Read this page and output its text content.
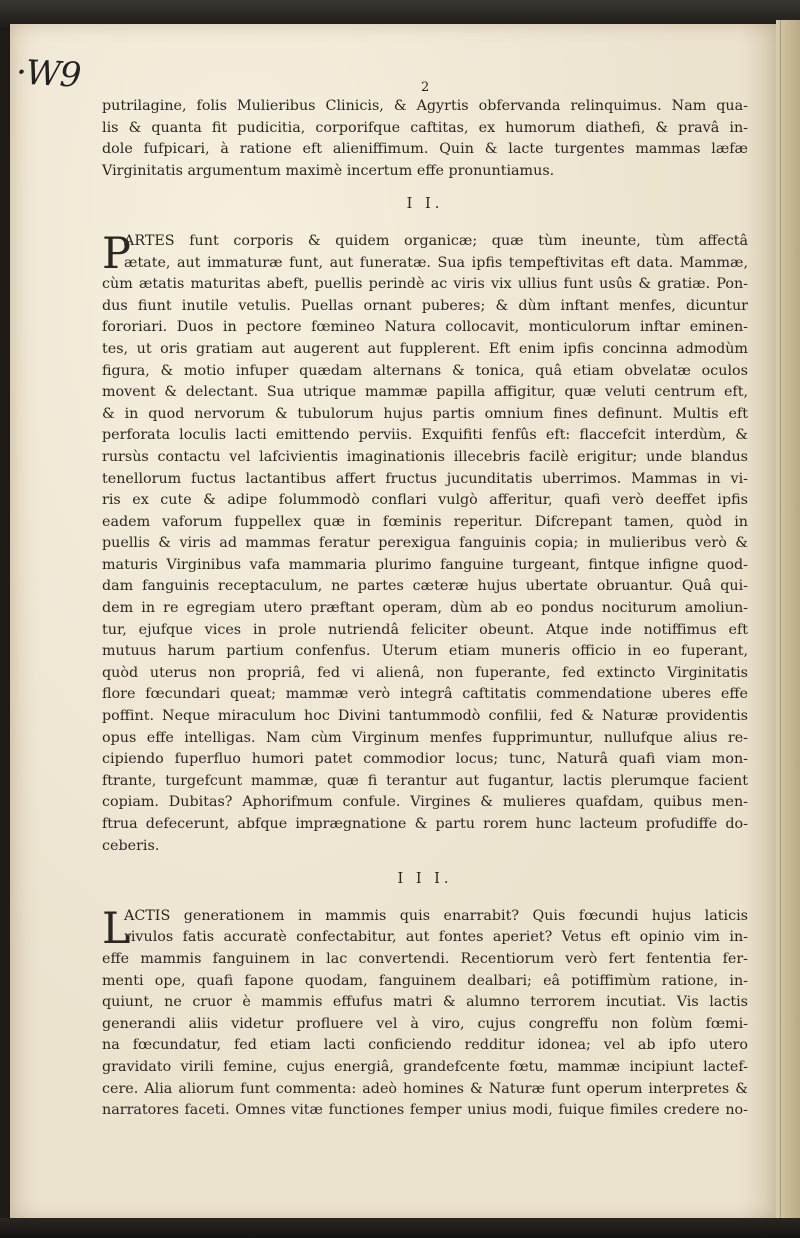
·W9	2
putrilagine, folis Mulieribus Clinicis, & Agyrtis obfervanda relinquimus. Nam qua-
lis & quanta fit pudicitia, corporifque caftitas, ex humorum diathefi, & pravâ in-
dole fufpicari, à ratione eft alieniffimum. Quin & lacte turgentes mammas læfæ
Virginitatis argumentum maximè incertum effe pronuntiamus.
I I.
P
ARTES funt corporis & quidem organicæ; quæ tùm ineunte, tùm affectâ
ætate, aut immaturæ funt, aut funeratæ. Sua ipfis tempeftivitas eft data. Mammæ,
cùm ætatis maturitas abeft, puellis perindè ac viris vix ullius funt usûs & gratiæ. Pon-
dus fiunt inutile vetulis. Puellas ornant puberes; & dùm inftant menfes, dicuntur
fororiari. Duos in pectore fœmineo Natura collocavit, monticulorum inftar eminen-
tes, ut oris gratiam aut augerent aut fupplerent. Eft enim ipfis concinna admodùm
figura, & motio infuper quædam alternans & tonica, quâ etiam obvelatæ oculos
movent & delectant. Sua utrique mammæ papilla affigitur, quæ veluti centrum eft,
& in quod nervorum & tubulorum hujus partis omnium fines definunt. Multis eft
perforata loculis lacti emittendo perviis. Exquifiti fenfûs eft: flaccefcit interdùm, &
rursùs contactu vel lafcivientis imaginationis illecebris facilè erigitur; unde blandus
tenellorum fuctus lactantibus affert fructus jucunditatis uberrimos. Mammas in vi-
ris ex cute & adipe folummodò conflari vulgò afferitur, quafi verò deeffet ipfis
eadem vaforum fuppellex quæ in fœminis reperitur. Difcrepant tamen, quòd in
puellis & viris ad mammas feratur perexigua fanguinis copia; in mulieribus verò &
maturis Virginibus vafa mammaria plurimo fanguine turgeant, fintque infigne quod-
dam fanguinis receptaculum, ne partes cæteræ hujus ubertate obruantur. Quâ qui-
dem in re egregiam utero præftant operam, dùm ab eo pondus nociturum amoliun-
tur, ejufque vices in prole nutriendâ feliciter obeunt. Atque inde notiffimus eft
mutuus harum partium confenfus. Uterum etiam muneris officio in eo fuperant,
quòd uterus non propriâ, fed vi alienâ, non fuperante, fed extincto Virginitatis
flore fœcundari queat; mammæ verò integrâ caftitatis commendatione uberes effe
poffint. Neque miraculum hoc Divini tantummodò confilii, fed & Naturæ providentis
opus effe intelligas. Nam cùm Virginum menfes fupprimuntur, nullufque alius re-
cipiendo fuperfluo humori patet commodior locus; tunc, Naturâ quafi viam mon-
ftrante, turgefcunt mammæ, quæ fi terantur aut fugantur, lactis plerumque facient
copiam. Dubitas? Aphorifmum confule. Virgines & mulieres quafdam, quibus men-
ftrua defecerunt, abfque imprægnatione & partu rorem hunc lacteum profudiffe do-
ceberis.
I I I.
L
ACTIS generationem in mammis quis enarrabit? Quis fœcundi hujus laticis
rivulos fatis accuratè confectabitur, aut fontes aperiet? Vetus eft opinio vim in-
effe mammis fanguinem in lac convertendi. Recentiorum verò fert fententia fer-
menti ope, quafi fapone quodam, fanguinem dealbari; eâ potiffimùm ratione, in-
quiunt, ne cruor è mammis effufus matri & alumno terrorem incutiat. Vis lactis
generandi aliis videtur profluere vel à viro, cujus congreffu non folùm fœmi-
na fœcundatur, fed etiam lacti conficiendo redditur idonea; vel ab ipfo utero
gravidato virili femine, cujus energiâ, grandefcente fœtu, mammæ incipiunt lactef-
cere. Alia aliorum funt commenta: adeò homines & Naturæ funt operum interpretes &
narratores faceti. Omnes vitæ functiones femper unius modi, fuique fimiles credere no-
